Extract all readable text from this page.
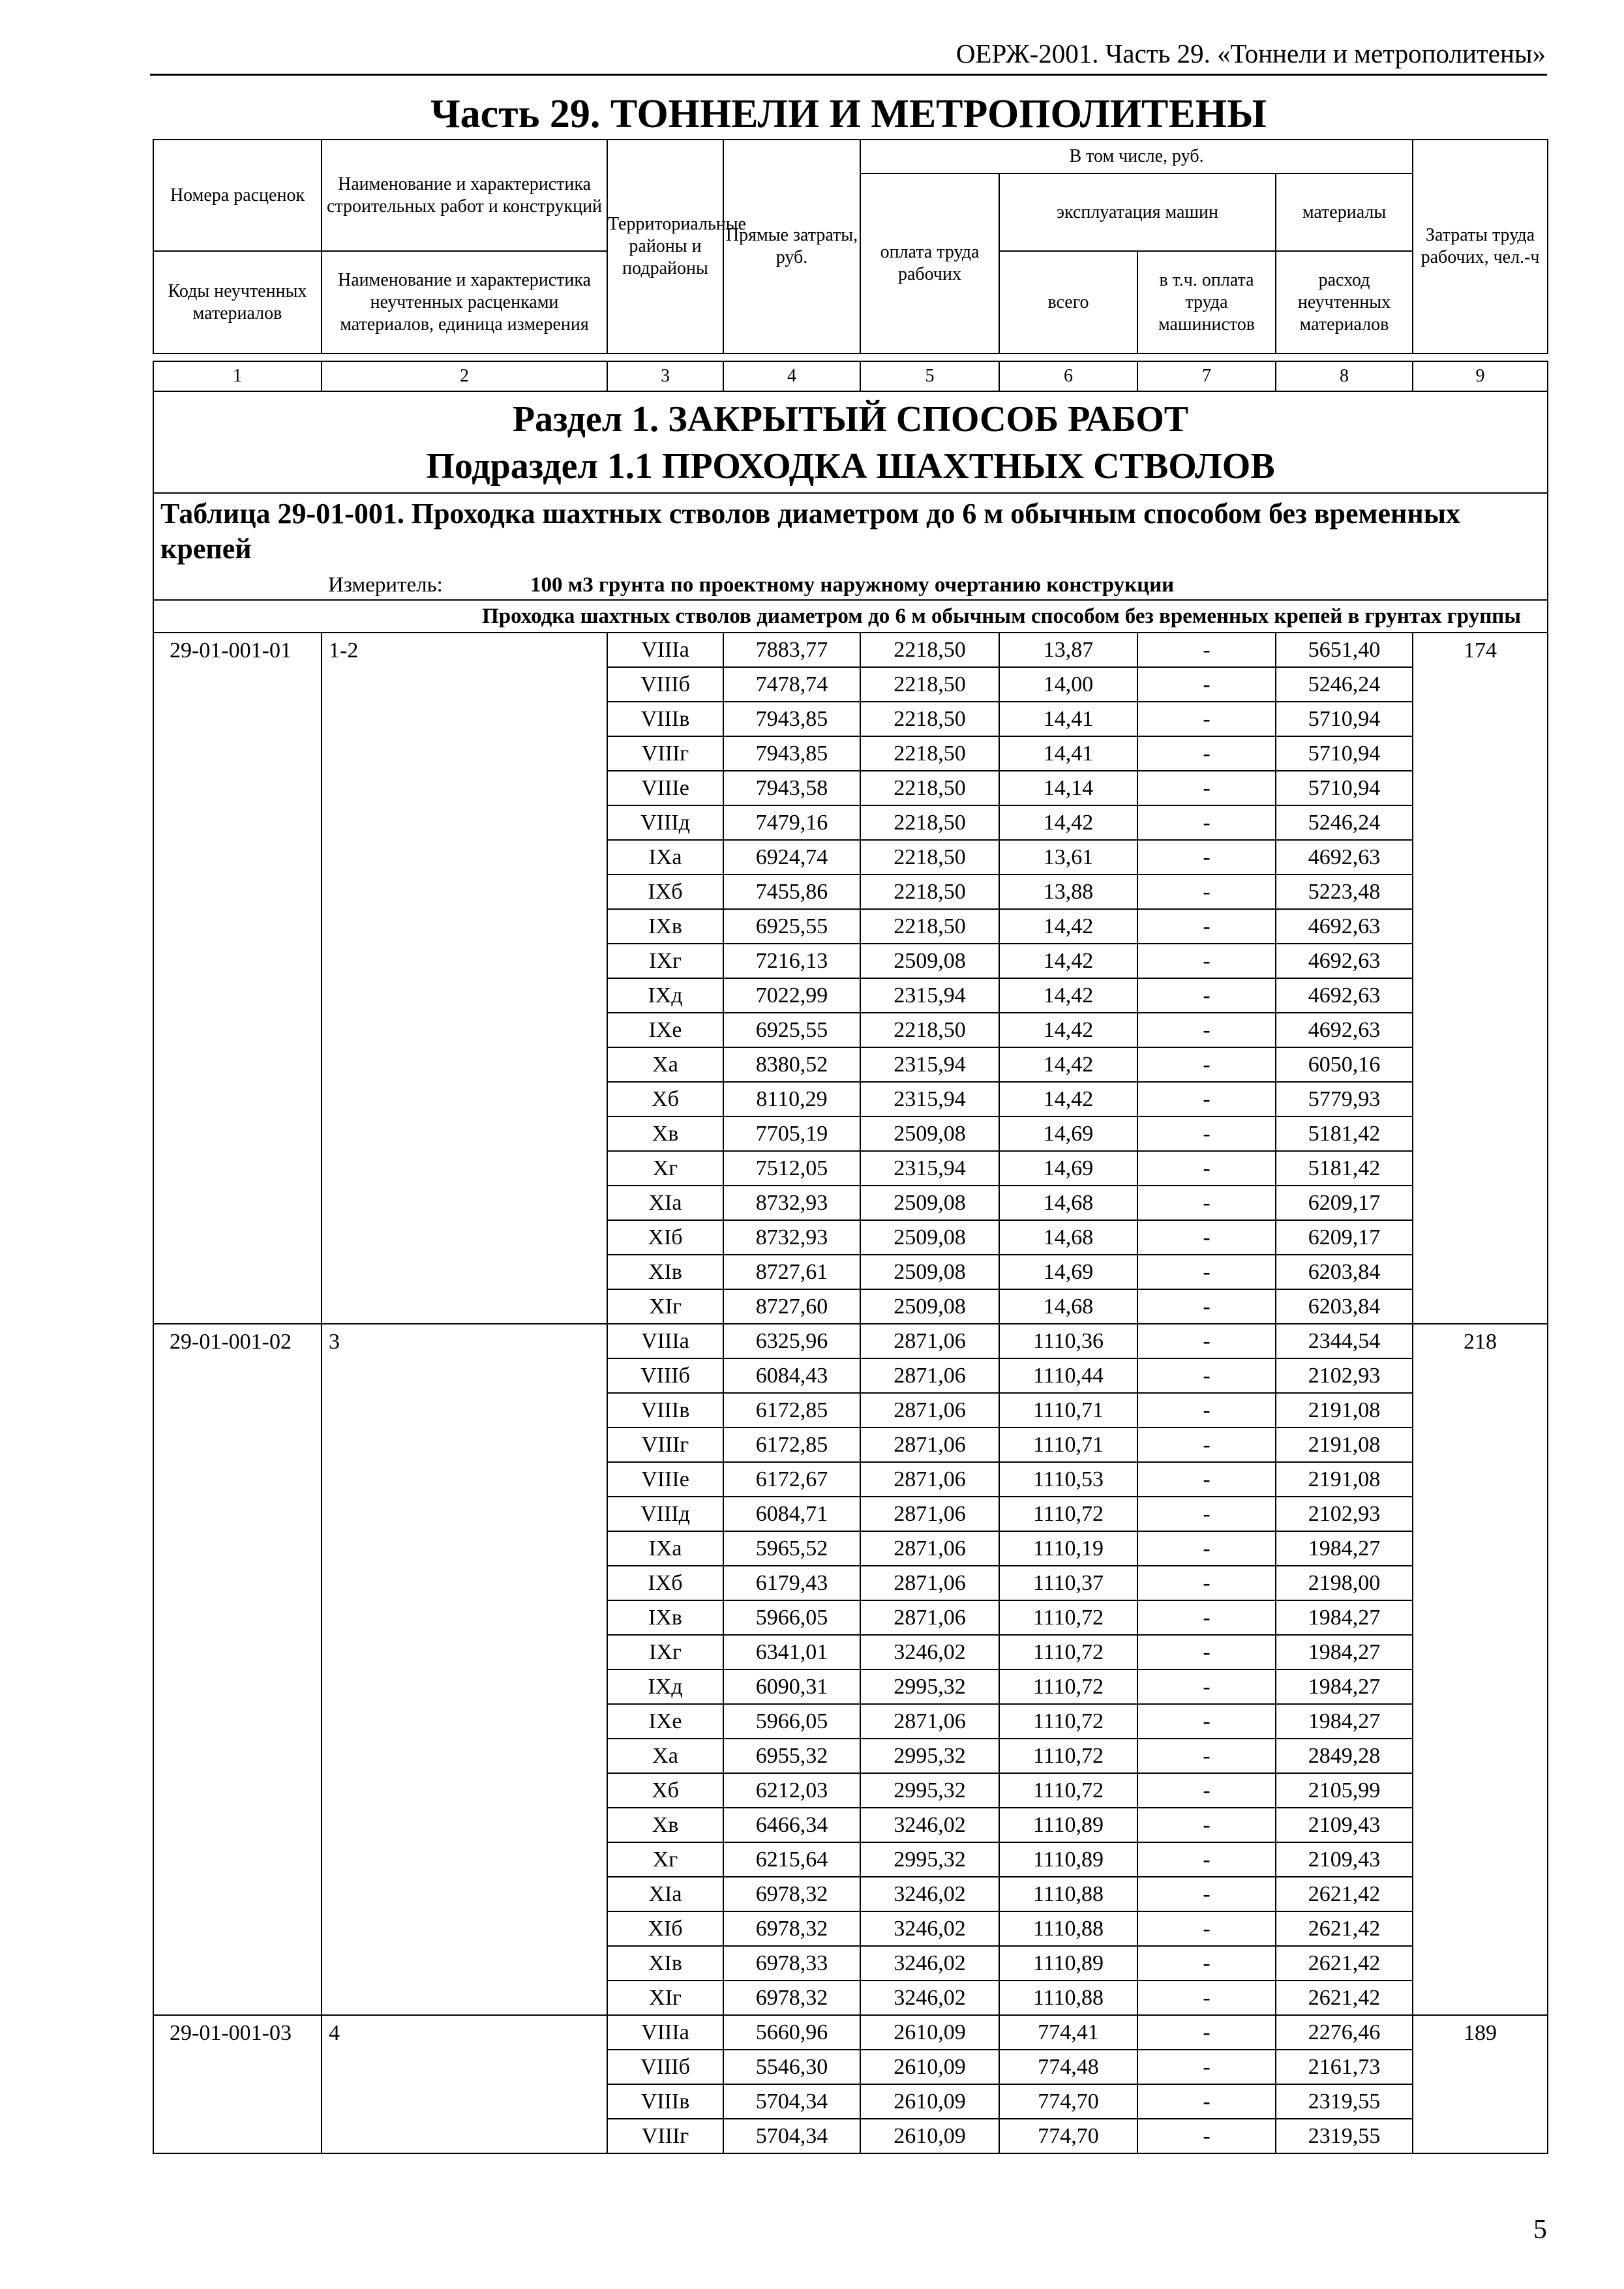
ОЕРЖ-2001. Часть 29. «Тоннели и метрополитены»
Часть 29. ТОННЕЛИ И МЕТРОПОЛИТЕНЫ
Номера расценок	Наименование и характеристика строительных работ и конструкций	Территориальные районы и подрайоны	Прямые затраты, руб.	В том числе, руб.				Затраты труда рабочих, чел.-ч
				оплата труда рабочих	эксплуатация машин		материалы	
Коды неучтенных материалов	Наименование и характеристика неучтенных расценками материалов, единица измерения				всего	в т.ч. оплата труда машинистов	расход неучтенных материалов	

1	2	3	4	5	6	7	8	9

Раздел 1. ЗАКРЫТЫЙ СПОСОБ РАБОТ
Подраздел 1.1 ПРОХОДКА ШАХТНЫХ СТВОЛОВ								

Таблица 29-01-001. Проходка шахтных стволов диаметром до 6 м обычным способом без временных крепей								
Измеритель: 100 м3 грунта по проектному наружному очертанию конструкции								
Проходка шахтных стволов диаметром до 6 м обычным способом без временных крепей в грунтах группы								
29-01-001-01	1-2	VIIIа	7883,77	2218,50	13,87	-	5651,40	174
		VIIIб	7478,74	2218,50	14,00	-	5246,24	
		VIIIв	7943,85	2218,50	14,41	-	5710,94	
		VIIIг	7943,85	2218,50	14,41	-	5710,94	
		VIIIе	7943,58	2218,50	14,14	-	5710,94	
		VIIIд	7479,16	2218,50	14,42	-	5246,24	
		IXа	6924,74	2218,50	13,61	-	4692,63	
		IXб	7455,86	2218,50	13,88	-	5223,48	
		IXв	6925,55	2218,50	14,42	-	4692,63	
		IXг	7216,13	2509,08	14,42	-	4692,63	
		IXд	7022,99	2315,94	14,42	-	4692,63	
		IXе	6925,55	2218,50	14,42	-	4692,63	
		Xа	8380,52	2315,94	14,42	-	6050,16	
		Xб	8110,29	2315,94	14,42	-	5779,93	
		Xв	7705,19	2509,08	14,69	-	5181,42	
		Xг	7512,05	2315,94	14,69	-	5181,42	
		XIа	8732,93	2509,08	14,68	-	6209,17	
		XIб	8732,93	2509,08	14,68	-	6209,17	
		XIв	8727,61	2509,08	14,69	-	6203,84	
		XIг	8727,60	2509,08	14,68	-	6203,84	
29-01-001-02	3	VIIIа	6325,96	2871,06	1110,36	-	2344,54	218
		VIIIб	6084,43	2871,06	1110,44	-	2102,93	
		VIIIв	6172,85	2871,06	1110,71	-	2191,08	
		VIIIг	6172,85	2871,06	1110,71	-	2191,08	
		VIIIе	6172,67	2871,06	1110,53	-	2191,08	
		VIIIд	6084,71	2871,06	1110,72	-	2102,93	
		IXа	5965,52	2871,06	1110,19	-	1984,27	
		IXб	6179,43	2871,06	1110,37	-	2198,00	
		IXв	5966,05	2871,06	1110,72	-	1984,27	
		IXг	6341,01	3246,02	1110,72	-	1984,27	
		IXд	6090,31	2995,32	1110,72	-	1984,27	
		IXе	5966,05	2871,06	1110,72	-	1984,27	
		Xа	6955,32	2995,32	1110,72	-	2849,28	
		Xб	6212,03	2995,32	1110,72	-	2105,99	
		Xв	6466,34	3246,02	1110,89	-	2109,43	
		Xг	6215,64	2995,32	1110,89	-	2109,43	
		XIа	6978,32	3246,02	1110,88	-	2621,42	
		XIб	6978,32	3246,02	1110,88	-	2621,42	
		XIв	6978,33	3246,02	1110,89	-	2621,42	
		XIг	6978,32	3246,02	1110,88	-	2621,42	
29-01-001-03	4	VIIIа	5660,96	2610,09	774,41	-	2276,46	189
		VIIIб	5546,30	2610,09	774,48	-	2161,73	
		VIIIв	5704,34	2610,09	774,70	-	2319,55	
		VIIIг	5704,34	2610,09	774,70	-	2319,55	
5
